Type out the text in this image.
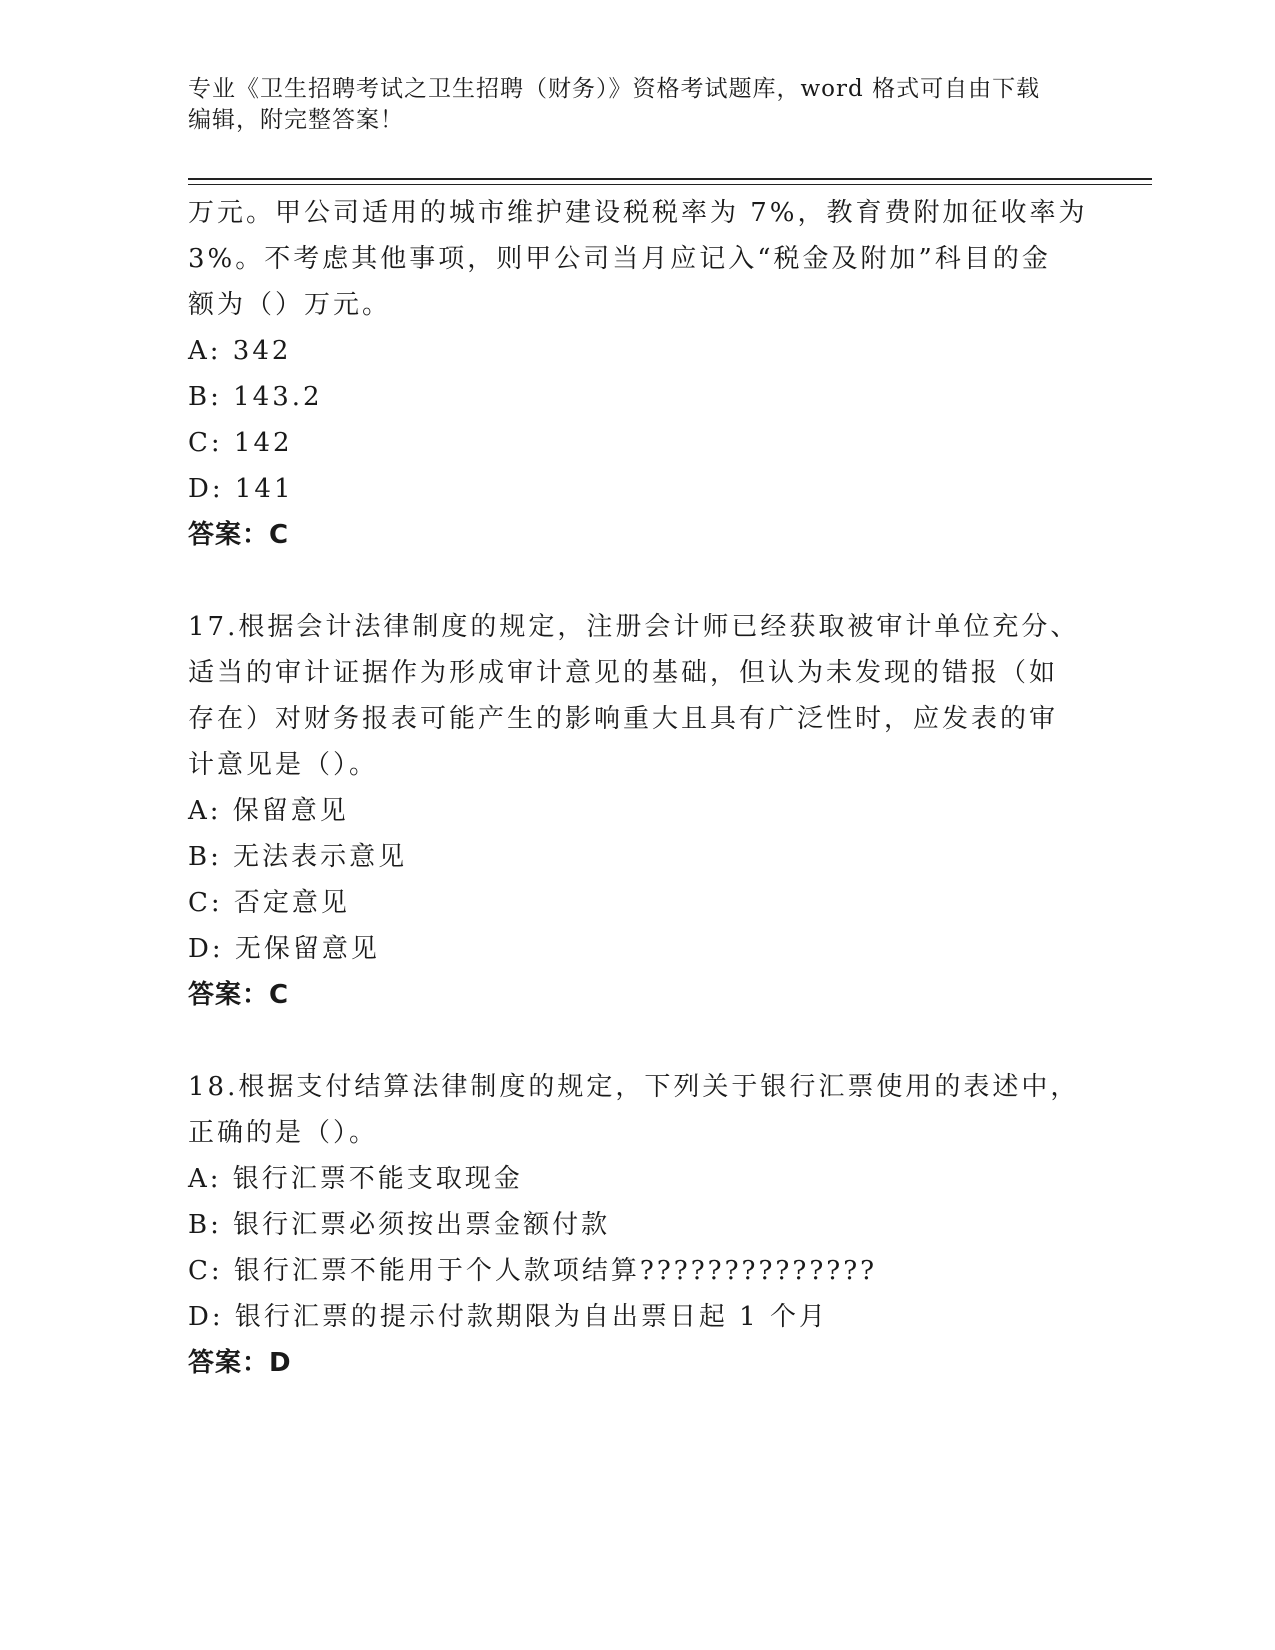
专业《卫生招聘考试之卫生招聘（财务）》资格考试题库，word 格式可自由下载
编辑，附完整答案！
万元。甲公司适用的城市维护建设税税率为 7%，教育费附加征收率为
3%。不考虑其他事项，则甲公司当月应记入“税金及附加”科目的金
额为（）万元。
A: 342
B: 143.2
C: 142
D: 141
答案：C
17.根据会计法律制度的规定，注册会计师已经获取被审计单位充分、
适当的审计证据作为形成审计意见的基础，但认为未发现的错报（如
存在）对财务报表可能产生的影响重大且具有广泛性时，应发表的审
计意见是（）。
A: 保留意见
B: 无法表示意见
C: 否定意见
D: 无保留意见
答案：C
18.根据支付结算法律制度的规定，下列关于银行汇票使用的表述中，
正确的是（）。
A: 银行汇票不能支取现金
B: 银行汇票必须按出票金额付款
C: 银行汇票不能用于个人款项结算??????????????
D: 银行汇票的提示付款期限为自出票日起 1 个月
答案：D
